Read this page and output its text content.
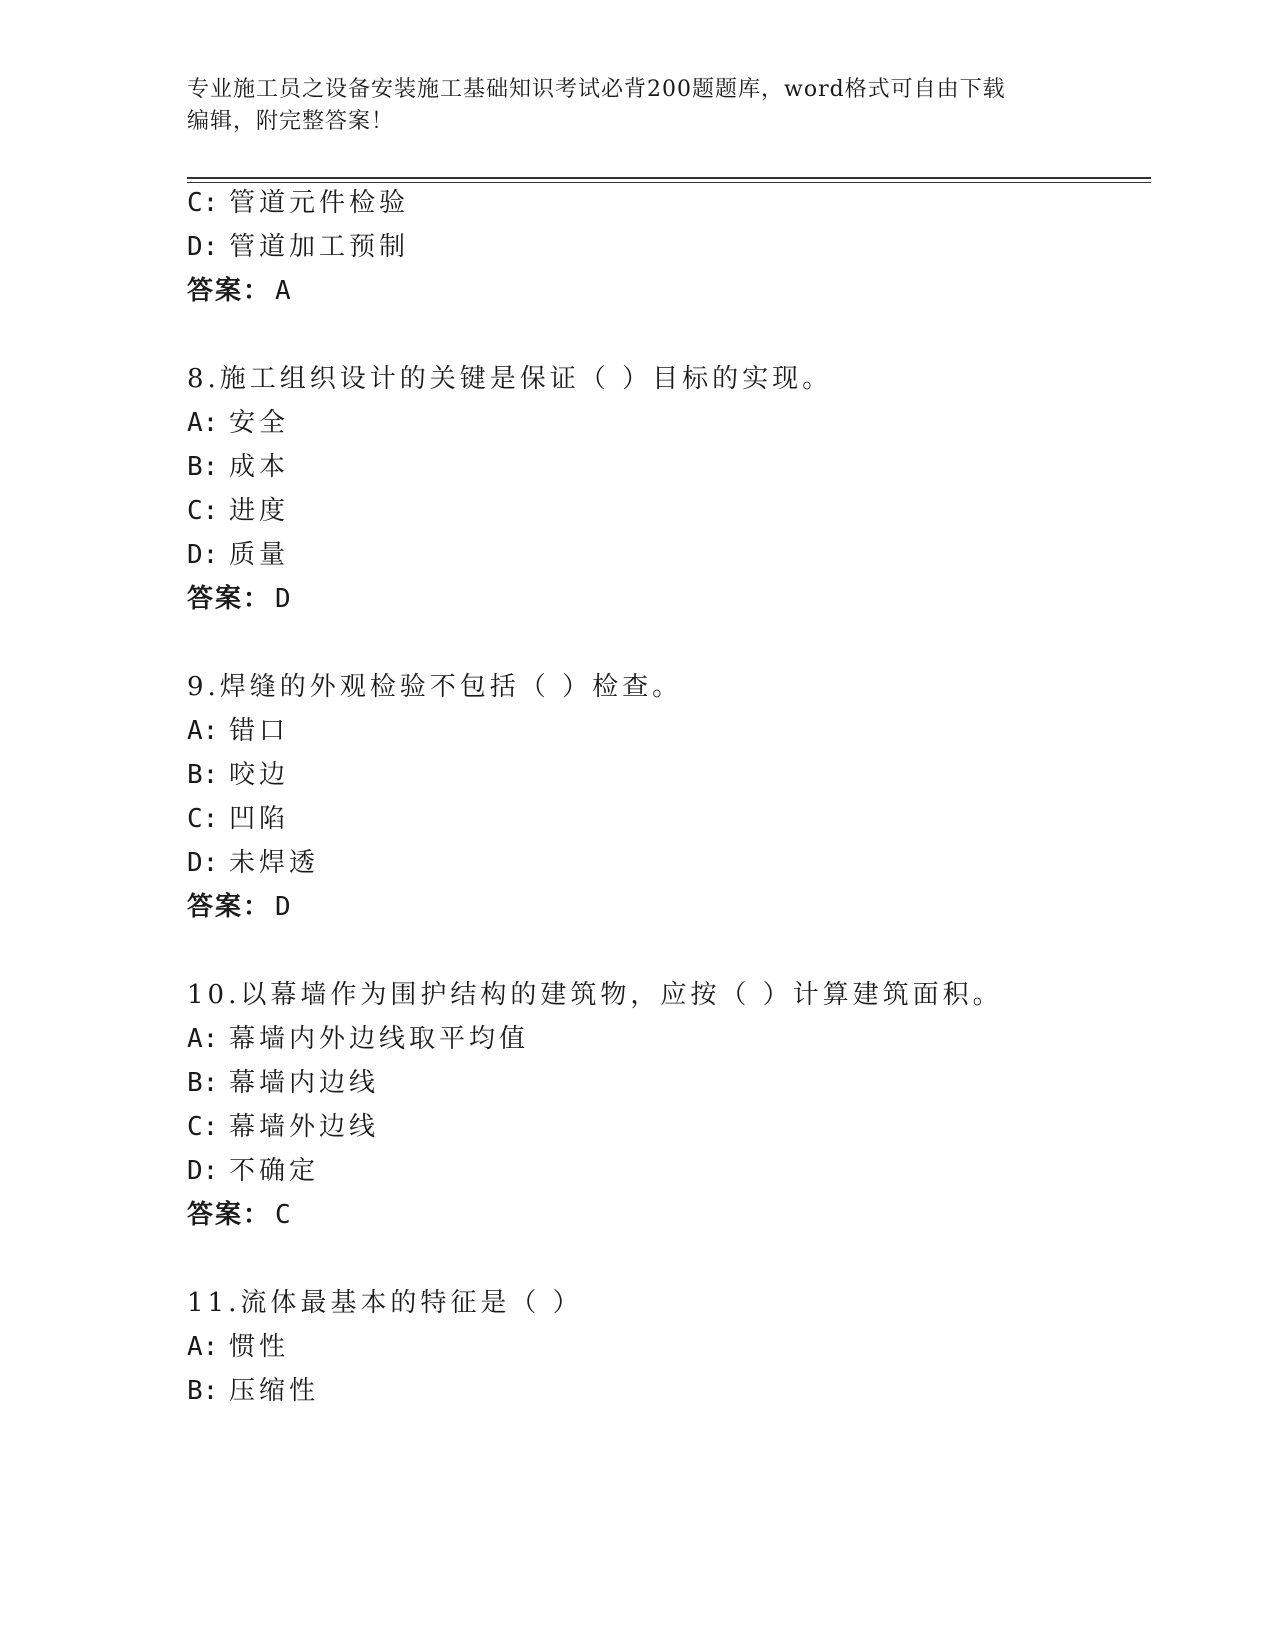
专业施工员之设备安装施工基础知识考试必背200题题库，word格式可自由下载
编辑，附完整答案！
C: 管道元件检验
D: 管道加工预制
答案： A
8.施工组织设计的关键是保证（ ）目标的实现。
A: 安全
B: 成本
C: 进度
D: 质量
答案： D
9.焊缝的外观检验不包括（ ）检查。
A: 错口
B: 咬边
C: 凹陷
D: 未焊透
答案： D
10.以幕墙作为围护结构的建筑物，应按（ ）计算建筑面积。
A: 幕墙内外边线取平均值
B: 幕墙内边线
C: 幕墙外边线
D: 不确定
答案： C
11.流体最基本的特征是（ ）
A: 惯性
B: 压缩性
